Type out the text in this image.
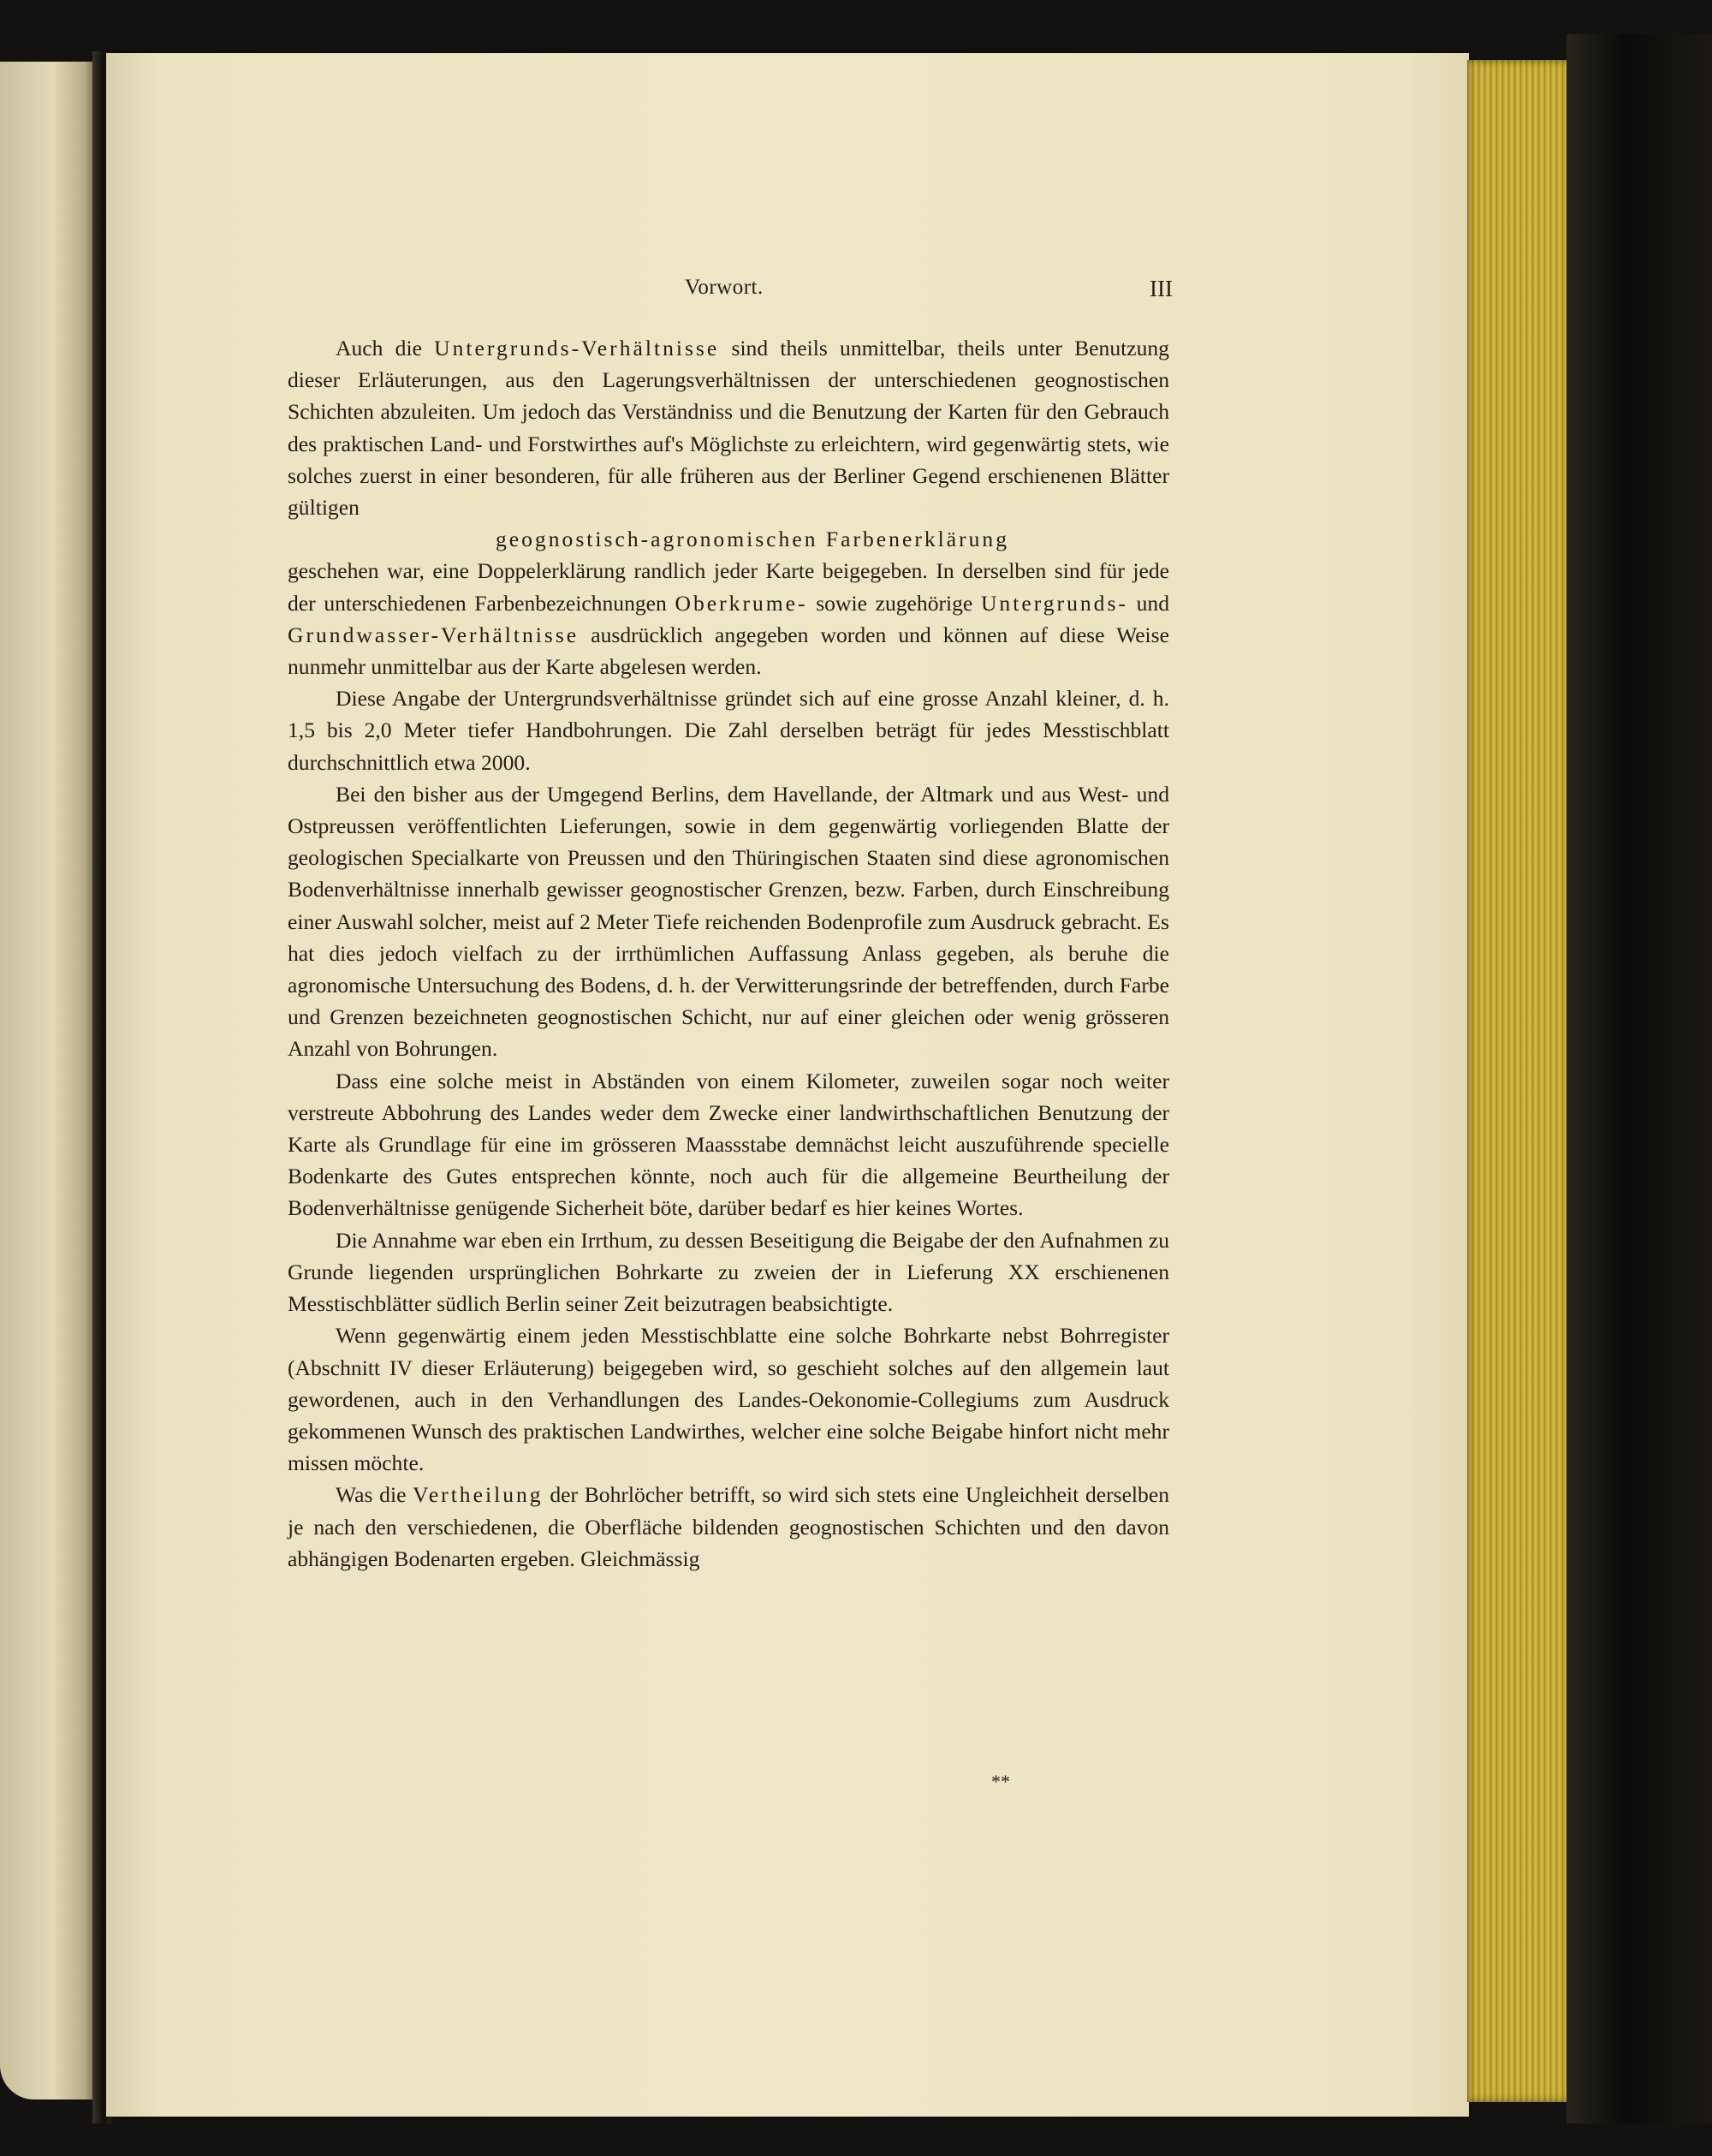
Vorwort.	III

Auch die Untergrunds-Verhältnisse sind theils unmittelbar, theils unter Benutzung dieser Erläuterungen, aus den Lagerungsverhältnissen der unterschiedenen geognostischen Schichten abzuleiten. Um jedoch das Verständniss und die Benutzung der Karten für den Gebrauch des praktischen Land- und Forstwirthes auf's Möglichste zu erleichtern, wird gegenwärtig stets, wie solches zuerst in einer besonderen, für alle früheren aus der Berliner Gegend erschienenen Blätter gültigen
geognostisch-agronomischen Farbenerklärung
geschehen war, eine Doppelerklärung randlich jeder Karte beigegeben. In derselben sind für jede der unterschiedenen Farbenbezeichnungen Oberkrume- sowie zugehörige Untergrunds- und Grundwasser-Verhältnisse ausdrücklich angegeben worden und können auf diese Weise nunmehr unmittelbar aus der Karte abgelesen werden.

Diese Angabe der Untergrundsverhältnisse gründet sich auf eine grosse Anzahl kleiner, d. h. 1,5 bis 2,0 Meter tiefer Handbohrungen. Die Zahl derselben beträgt für jedes Messtischblatt durchschnittlich etwa 2000.

Bei den bisher aus der Umgegend Berlins, dem Havellande, der Altmark und aus West- und Ostpreussen veröffentlichten Lieferungen, sowie in dem gegenwärtig vorliegenden Blatte der geologischen Specialkarte von Preussen und den Thüringischen Staaten sind diese agronomischen Bodenverhältnisse innerhalb gewisser geognostischer Grenzen, bezw. Farben, durch Einschreibung einer Auswahl solcher, meist auf 2 Meter Tiefe reichenden Bodenprofile zum Ausdruck gebracht. Es hat dies jedoch vielfach zu der irrthümlichen Auffassung Anlass gegeben, als beruhe die agronomische Untersuchung des Bodens, d. h. der Verwitterungsrinde der betreffenden, durch Farbe und Grenzen bezeichneten geognostischen Schicht, nur auf einer gleichen oder wenig grösseren Anzahl von Bohrungen.

Dass eine solche meist in Abständen von einem Kilometer, zuweilen sogar noch weiter verstreute Abbohrung des Landes weder dem Zwecke einer landwirthschaftlichen Benutzung der Karte als Grundlage für eine im grösseren Maassstabe demnächst leicht auszuführende specielle Bodenkarte des Gutes entsprechen könnte, noch auch für die allgemeine Beurtheilung der Bodenverhältnisse genügende Sicherheit böte, darüber bedarf es hier keines Wortes.

Die Annahme war eben ein Irrthum, zu dessen Beseitigung die Beigabe der den Aufnahmen zu Grunde liegenden ursprünglichen Bohrkarte zu zweien der in Lieferung XX erschienenen Messtischblätter südlich Berlin seiner Zeit beizutragen beabsichtigte.

Wenn gegenwärtig einem jeden Messtischblatte eine solche Bohrkarte nebst Bohrregister (Abschnitt IV dieser Erläuterung) beigegeben wird, so geschieht solches auf den allgemein laut gewordenen, auch in den Verhandlungen des Landes-Oekonomie-Collegiums zum Ausdruck gekommenen Wunsch des praktischen Landwirthes, welcher eine solche Beigabe hinfort nicht mehr missen möchte.

Was die Vertheilung der Bohrlöcher betrifft, so wird sich stets eine Ungleichheit derselben je nach den verschiedenen, die Oberfläche bildenden geognostischen Schichten und den davon abhängigen Bodenarten ergeben. Gleichmässig

**
